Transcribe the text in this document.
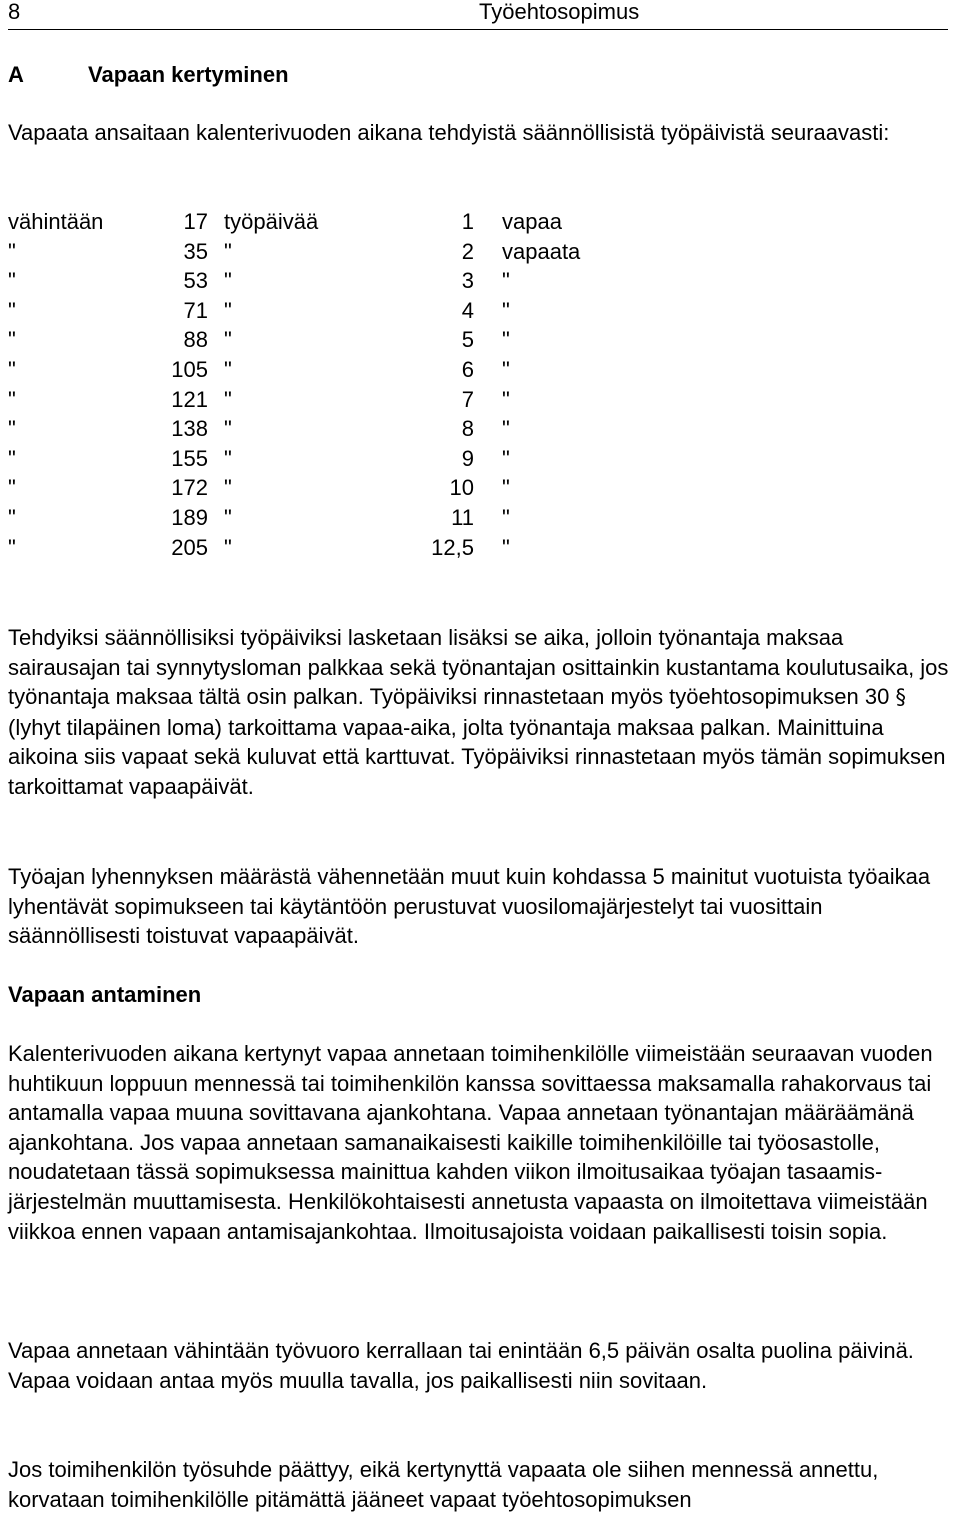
8	Työehtosopimus
A	Vapaan kertyminen

Vapaata ansaitaan kalenterivuoden aikana tehdyistä säännöllisistä työpäivistä seuraavasti:

vähintään	17	työpäivää	1	vapaa
"	35	"	2	vapaata
"	53	"	3	"
"	71	"	4	"
"	88	"	5	"
"	105	"	6	"
"	121	"	7	"
"	138	"	8	"
"	155	"	9	"
"	172	"	10	"
"	189	"	11	"
"	205	"	12,5	"

Tehdyiksi säännöllisiksi työpäiviksi lasketaan lisäksi se aika, jolloin työnantaja maksaa sairausajan tai synnytysloman palkkaa sekä työnantajan osittainkin kustantama koulutusaika, jos työnantaja maksaa tältä osin palkan. Työpäiviksi rinnastetaan myös työehtosopimuksen 30 § (lyhyt tilapäinen loma) tarkoittama vapaa-aika, jolta työnantaja maksaa palkan. Mainittuina aikoina siis vapaat sekä kuluvat että karttuvat. Työpäiviksi rinnastetaan myös tämän sopimuksen tarkoittamat vapaapäivät.

Työajan lyhennyksen määrästä vähennetään muut kuin kohdassa 5 mainitut vuotuista työaikaa lyhentävät sopimukseen tai käytäntöön perustuvat vuosilomajärjestelyt tai vuosittain säännöllisesti toistuvat vapaapäivät.

Vapaan antaminen

Kalenterivuoden aikana kertynyt vapaa annetaan toimihenkilölle viimeistään seuraavan vuoden huhtikuun loppuun mennessä tai toimihenkilön kanssa sovittaessa maksamalla rahakorvaus tai antamalla vapaa muuna sovittavana ajankohtana. Vapaa annetaan työnantajan määräämänä ajankohtana. Jos vapaa annetaan samanaikaisesti kaikille toimihenkilöille tai työosastolle, noudatetaan tässä sopimuksessa mainittua kahden viikon ilmoitusaikaa työajan tasaamis-järjestelmän muuttamisesta. Henkilökohtaisesti annetusta vapaasta on ilmoitettava viimeistään viikkoa ennen vapaan antamisajankohtaa. Ilmoitusajoista voidaan paikallisesti toisin sopia.

Vapaa annetaan vähintään työvuoro kerrallaan tai enintään 6,5 päivän osalta puolina päivinä. Vapaa voidaan antaa myös muulla tavalla, jos paikallisesti niin sovitaan.

Jos toimihenkilön työsuhde päättyy, eikä kertynyttä vapaata ole siihen mennessä annettu, korvataan toimihenkilölle pitämättä jääneet vapaat työehtosopimuksen
